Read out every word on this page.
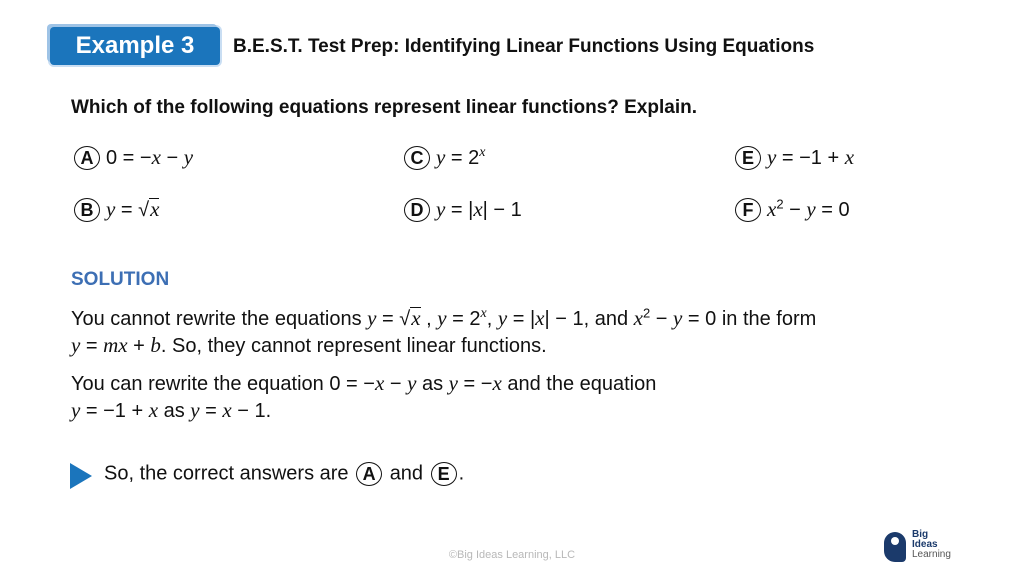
Example 3	B.E.S.T. Test Prep: Identifying Linear Functions Using Equations
Which of the following equations represent linear functions? Explain.
A 0 = −x − y
B y = √x
C $y = 2^x$
D y = |x| − 1
E y = −1 + x
F $x^2 - y = 0$
SOLUTION
You cannot rewrite the equations y = √x , $y = 2^x$, y = |x| − 1, and $x^2 - y = 0$ in the form
y = mx + b. So, they cannot represent linear functions.
You can rewrite the equation 0 = −x − y as y = −x and the equation
y = −1 + x as y = x − 1.
So, the correct answers are A and E .
©Big Ideas Learning, LLC
Big
Ideas
Learning
